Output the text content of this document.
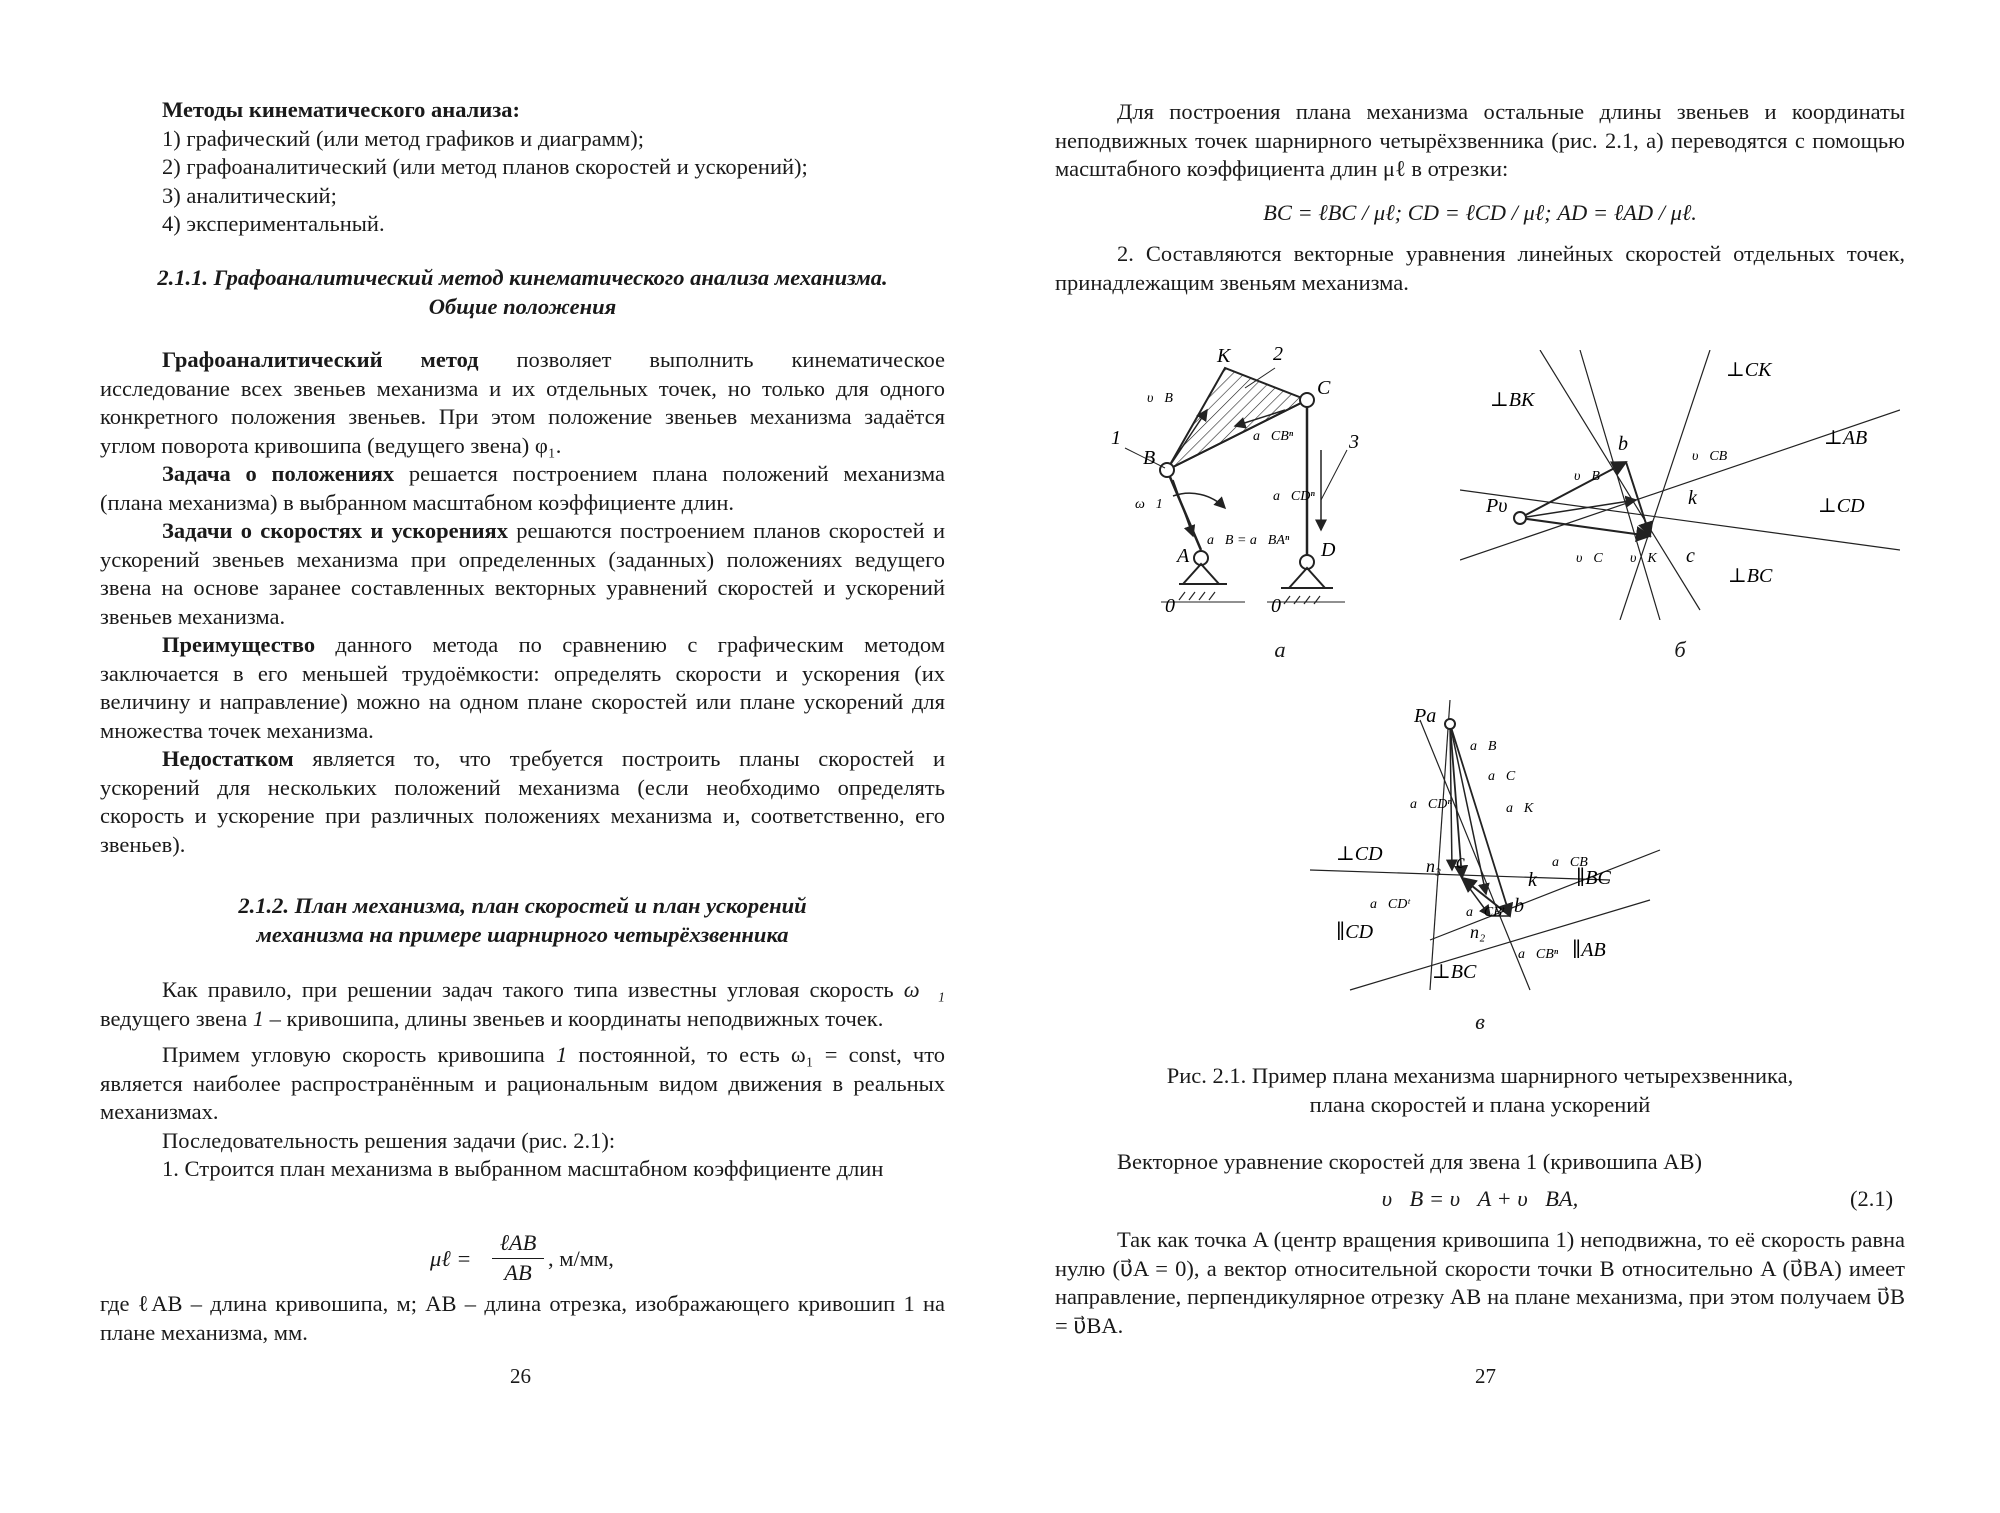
Методы кинематического анализа:
1) графический (или метод графиков и диаграмм);
2) графоаналитический (или метод планов скоростей и ускорений);
3) аналитический;
4) экспериментальный.
2.1.1. Графоаналитический метод кинематического анализа механизма.
Общие положения
Графоаналитический метод позволяет выполнить кинематическое исследование всех звеньев механизма и их отдельных точек, но только для одного конкретного положения звеньев. При этом положение звеньев механизма задаётся углом поворота кривошипа (ведущего звена) φ₁.
Задача о положениях решается построением плана положений механизма (плана механизма) в выбранном масштабном коэффициенте длин.
Задачи о скоростях и ускорениях решаются построением планов скоростей и ускорений звеньев механизма при определенных (заданных) положениях ведущего звена на основе заранее составленных векторных уравнений скоростей и ускорений звеньев механизма.
Преимущество данного метода по сравнению с графическим методом заключается в его меньшей трудоёмкости: определять скорости и ускорения (их величину и направление) можно на одном плане скоростей или плане ускорений для множества точек механизма.
Недостатком является то, что требуется построить планы скоростей и ускорений для нескольких положений механизма (если необходимо определять скорость и ускорение при различных положениях механизма и, соответственно, его звеньев).
2.1.2. План механизма, план скоростей и план ускорений
механизма на примере шарнирного четырёхзвенника
Как правило, при решении задач такого типа известны угловая скорость ω⃗₁ ведущего звена 1 – кривошипа, длины звеньев и координаты неподвижных точек.
Примем угловую скорость кривошипа 1 постоянной, то есть ω₁ = const, что является наиболее распространённым и рациональным видом движения в реальных механизмах.
Последовательность решения задачи (рис. 2.1):
1. Строится план механизма в выбранном масштабном коэффициенте длин
μℓ =
ℓAB
AB
, м/мм,
где ℓAB – длина кривошипа, м; AB – длина отрезка, изображающего кривошип 1 на плане механизма, мм.
26
Для построения плана механизма остальные длины звеньев и координаты неподвижных точек шарнирного четырёхзвенника (рис. 2.1, а) переводятся с помощью масштабного коэффициента длин μℓ в отрезки:
BC = ℓBC / μℓ; CD = ℓCD / μℓ; AD = ℓAD / μℓ.
2. Составляются векторные уравнения линейных скоростей отдельных точек, принадлежащим звеньям механизма.
K 2
C
1
B
3
A	D
0	0
υ⃗B
ω⃗1
a⃗CBⁿ
a⃗CDⁿ
a⃗B = a⃗BAⁿ
а
Pυ
b
k
c
⊥BK
⊥CK
⊥AB
⊥CD
⊥BC
υ⃗B
υ⃗CB
υ⃗C υ⃗K
б
Pa
n₃ c
k
b
n₂
⊥CD
∥BC
∥CD
∥AB
⊥BC
a⃗B
a⃗C
a⃗K
a⃗CDⁿ
a⃗CB
a⃗CDᵗ
a⃗CBᵗ
a⃗CBⁿ
в
Рис. 2.1. Пример плана механизма шарнирного четырехзвенника,
плана скоростей и плана ускорений
Векторное уравнение скоростей для звена 1 (кривошипа AB)
υ⃗B = υ⃗A + υ⃗BA,	(2.1)
Так как точка A (центр вращения кривошипа 1) неподвижна, то её скорость равна нулю (υ⃗A = 0), а вектор относительной скорости точки B относительно A (υ⃗BA) имеет направление, перпендикулярное отрезку AB на плане механизма, при этом получаем υ⃗B = υ⃗BA.
27
